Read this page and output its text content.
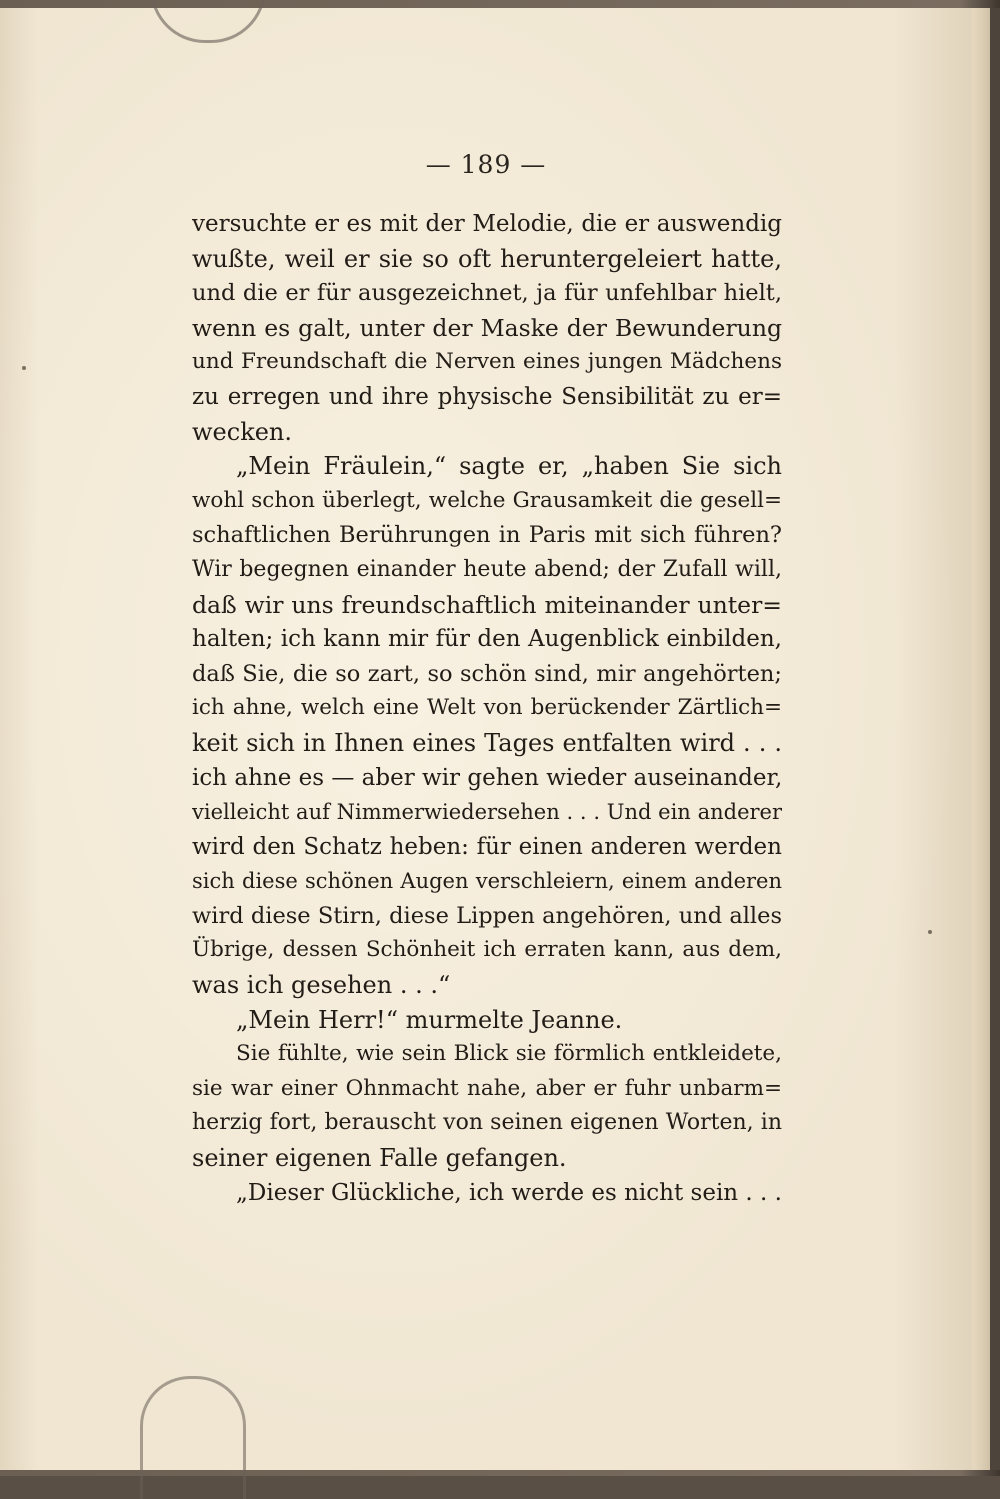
— 189 —
versuchte er es mit der Melodie, die er auswendig
wußte, weil er sie so oft heruntergeleiert hatte,
und die er für ausgezeichnet, ja für unfehlbar hielt,
wenn es galt, unter der Maske der Bewunderung
und Freundschaft die Nerven eines jungen Mädchens
zu erregen und ihre physische Sensibilität zu er=
wecken.
„Mein Fräulein,“ sagte er, „haben Sie sich
wohl schon überlegt, welche Grausamkeit die gesell=
schaftlichen Berührungen in Paris mit sich führen?
Wir begegnen einander heute abend; der Zufall will,
daß wir uns freundschaftlich miteinander unter=
halten; ich kann mir für den Augenblick einbilden,
daß Sie, die so zart, so schön sind, mir angehörten;
ich ahne, welch eine Welt von berückender Zärtlich=
keit sich in Ihnen eines Tages entfalten wird . . .
ich ahne es — aber wir gehen wieder auseinander,
vielleicht auf Nimmerwiedersehen . . . Und ein anderer
wird den Schatz heben: für einen anderen werden
sich diese schönen Augen verschleiern, einem anderen
wird diese Stirn, diese Lippen angehören, und alles
Übrige, dessen Schönheit ich erraten kann, aus dem,
was ich gesehen . . .“
„Mein Herr!“ murmelte Jeanne.
Sie fühlte, wie sein Blick sie förmlich entkleidete,
sie war einer Ohnmacht nahe, aber er fuhr unbarm=
herzig fort, berauscht von seinen eigenen Worten, in
seiner eigenen Falle gefangen.
„Dieser Glückliche, ich werde es nicht sein . . .
